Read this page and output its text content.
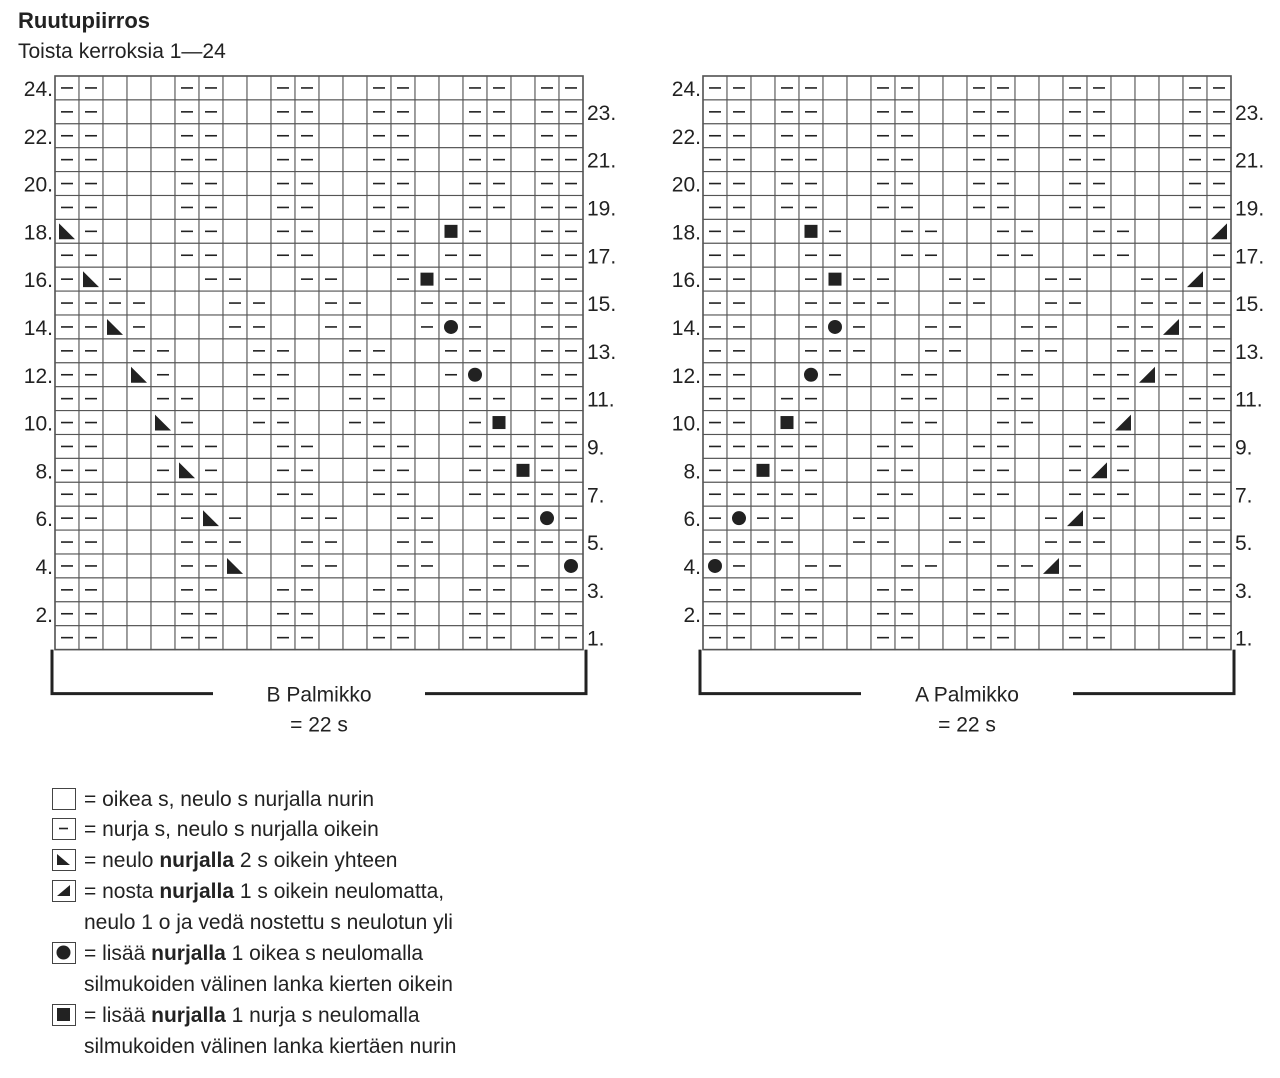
Ruutupiirros
Toista kerroksia 1—24
24.
22.
20.
18.
16.
14.
12.
10.
8.
6.
4.
2.
23.
21.
19.
17.
15.
13.
11.
9.
7.
5.
3.
1.
B Palmikko
= 22 s
24.
22.
20.
18.
16.
14.
12.
10.
8.
6.
4.
2.
23.
21.
19.
17.
15.
13.
11.
9.
7.
5.
3.
1.
A Palmikko
= 22 s
= oikea s, neulo s nurjalla nurin
= nurja s, neulo s nurjalla oikein
= neulo nurjalla 2 s oikein yhteen
= nosta nurjalla 1 s oikein neulomatta,
neulo 1 o ja vedä nostettu s neulotun yli
= lisää nurjalla 1 oikea s neulomalla
silmukoiden välinen lanka kierten oikein
= lisää nurjalla 1 nurja s neulomalla
silmukoiden välinen lanka kiertäen nurin
